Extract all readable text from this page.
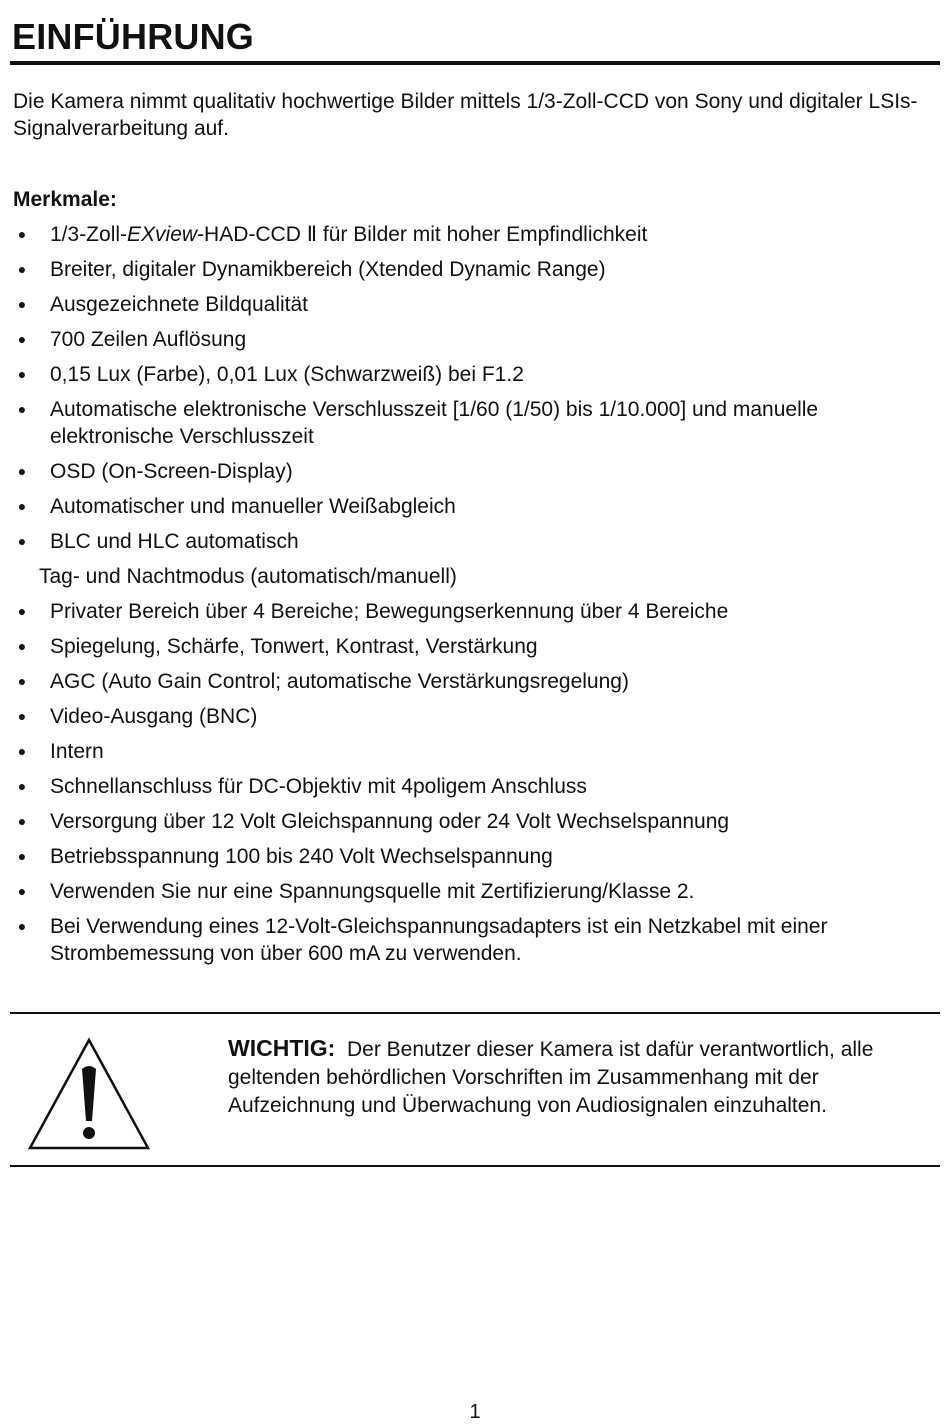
EINFÜHRUNG

Die Kamera nimmt qualitativ hochwertige Bilder mittels 1/3-Zoll-CCD von Sony und digitaler LSIs-Signalverarbeitung auf.

Merkmale:

● 1/3-Zoll-EXview-HAD-CCD Ⅱ für Bilder mit hoher Empfindlichkeit
● Breiter, digitaler Dynamikbereich (Xtended Dynamic Range)
● Ausgezeichnete Bildqualität
● 700 Zeilen Auflösung
● 0,15 Lux (Farbe), 0,01 Lux (Schwarzweiß) bei F1.2
● Automatische elektronische Verschlusszeit [1/60 (1/50) bis 1/10.000] und manuelle elektronische Verschlusszeit
● OSD (On-Screen-Display)
● Automatischer und manueller Weißabgleich
● BLC und HLC automatisch
Tag- und Nachtmodus (automatisch/manuell)
● Privater Bereich über 4 Bereiche; Bewegungserkennung über 4 Bereiche
● Spiegelung, Schärfe, Tonwert, Kontrast, Verstärkung
● AGC (Auto Gain Control; automatische Verstärkungsregelung)
● Video-Ausgang (BNC)
● Intern
● Schnellanschluss für DC-Objektiv mit 4poligem Anschluss
● Versorgung über 12 Volt Gleichspannung oder 24 Volt Wechselspannung
● Betriebsspannung 100 bis 240 Volt Wechselspannung
● Verwenden Sie nur eine Spannungsquelle mit Zertifizierung/Klasse 2.
● Bei Verwendung eines 12-Volt-Gleichspannungsadapters ist ein Netzkabel mit einer Strombemessung von über 600 mA zu verwenden.

WICHTIG: Der Benutzer dieser Kamera ist dafür verantwortlich, alle geltenden behördlichen Vorschriften im Zusammenhang mit der Aufzeichnung und Überwachung von Audiosignalen einzuhalten.

1
